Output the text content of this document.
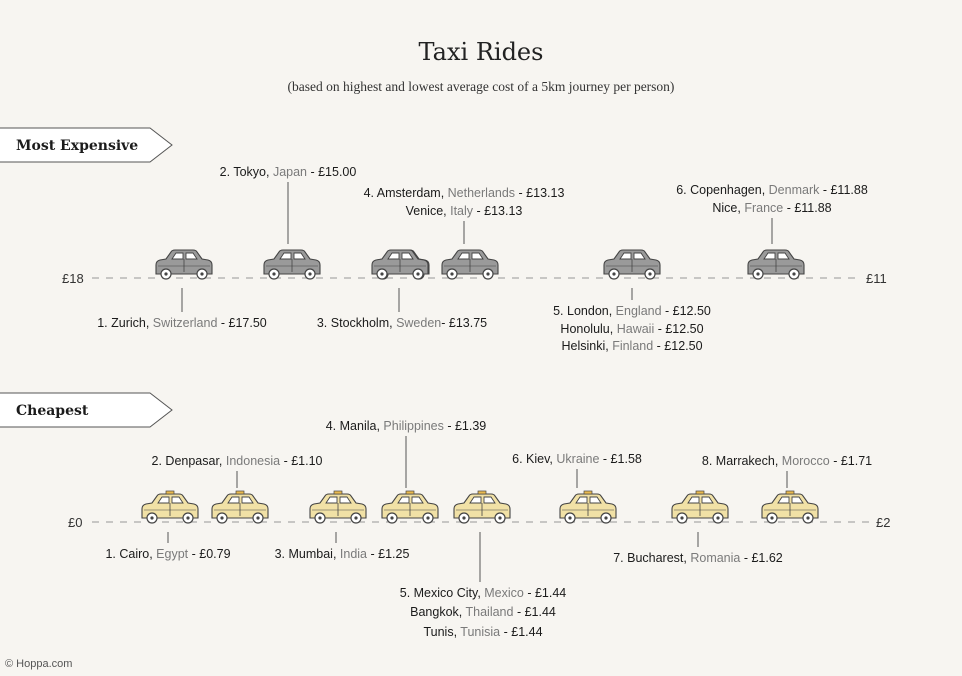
Taxi Rides
(based on highest and lowest average cost of a 5km journey per person)
Most Expensive
£18	£11
1. Zurich, Switzerland - £17.50
2. Tokyo, Japan - £15.00
3. Stockholm, Sweden- £13.75
4. Amsterdam, Netherlands - £13.13
Venice, Italy - £13.13
5. London, England - £12.50
Honolulu, Hawaii - £12.50
Helsinki, Finland - £12.50
6. Copenhagen, Denmark - £11.88
Nice, France - £11.88
Cheapest
£0	£2
1. Cairo, Egypt - £0.79
2. Denpasar, Indonesia - £1.10
3. Mumbai, India - £1.25
4. Manila, Philippines - £1.39
5. Mexico City, Mexico - £1.44
Bangkok, Thailand - £1.44
Tunis, Tunisia - £1.44
6. Kiev, Ukraine - £1.58
7. Bucharest, Romania - £1.62
8. Marrakech, Morocco - £1.71
© Hoppa.com
